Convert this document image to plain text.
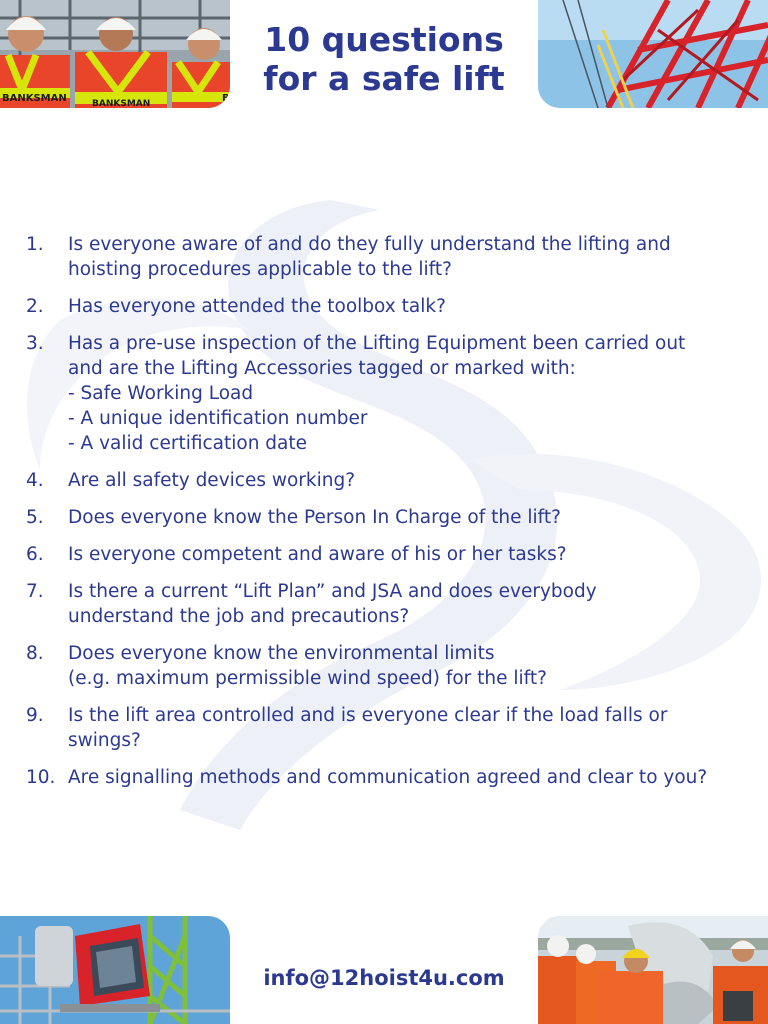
BANKSMAN	BANKSMAN	B
10 questions
for a safe lift
1.	Is everyone aware of and do they fully understand the lifting and
hoisting procedures applicable to the lift?
2.	Has everyone attended the toolbox talk?
3.	Has a pre-use inspection of the Lifting Equipment been carried out
and are the Lifting Accessories tagged or marked with:
- Safe Working Load
- A unique identification number
- A valid certification date
4.	Are all safety devices working?
5.	Does everyone know the Person In Charge of the lift?
6.	Is everyone competent and aware of his or her tasks?
7.	Is there a current “Lift Plan” and JSA and does everybody
understand the job and precautions?
8.	Does everyone know the environmental limits
(e.g. maximum permissible wind speed) for the lift?
9.	Is the lift area controlled and is everyone clear if the load falls or
swings?
10. Are signalling methods and communication agreed and clear to you?
info@12hoist4u.com
